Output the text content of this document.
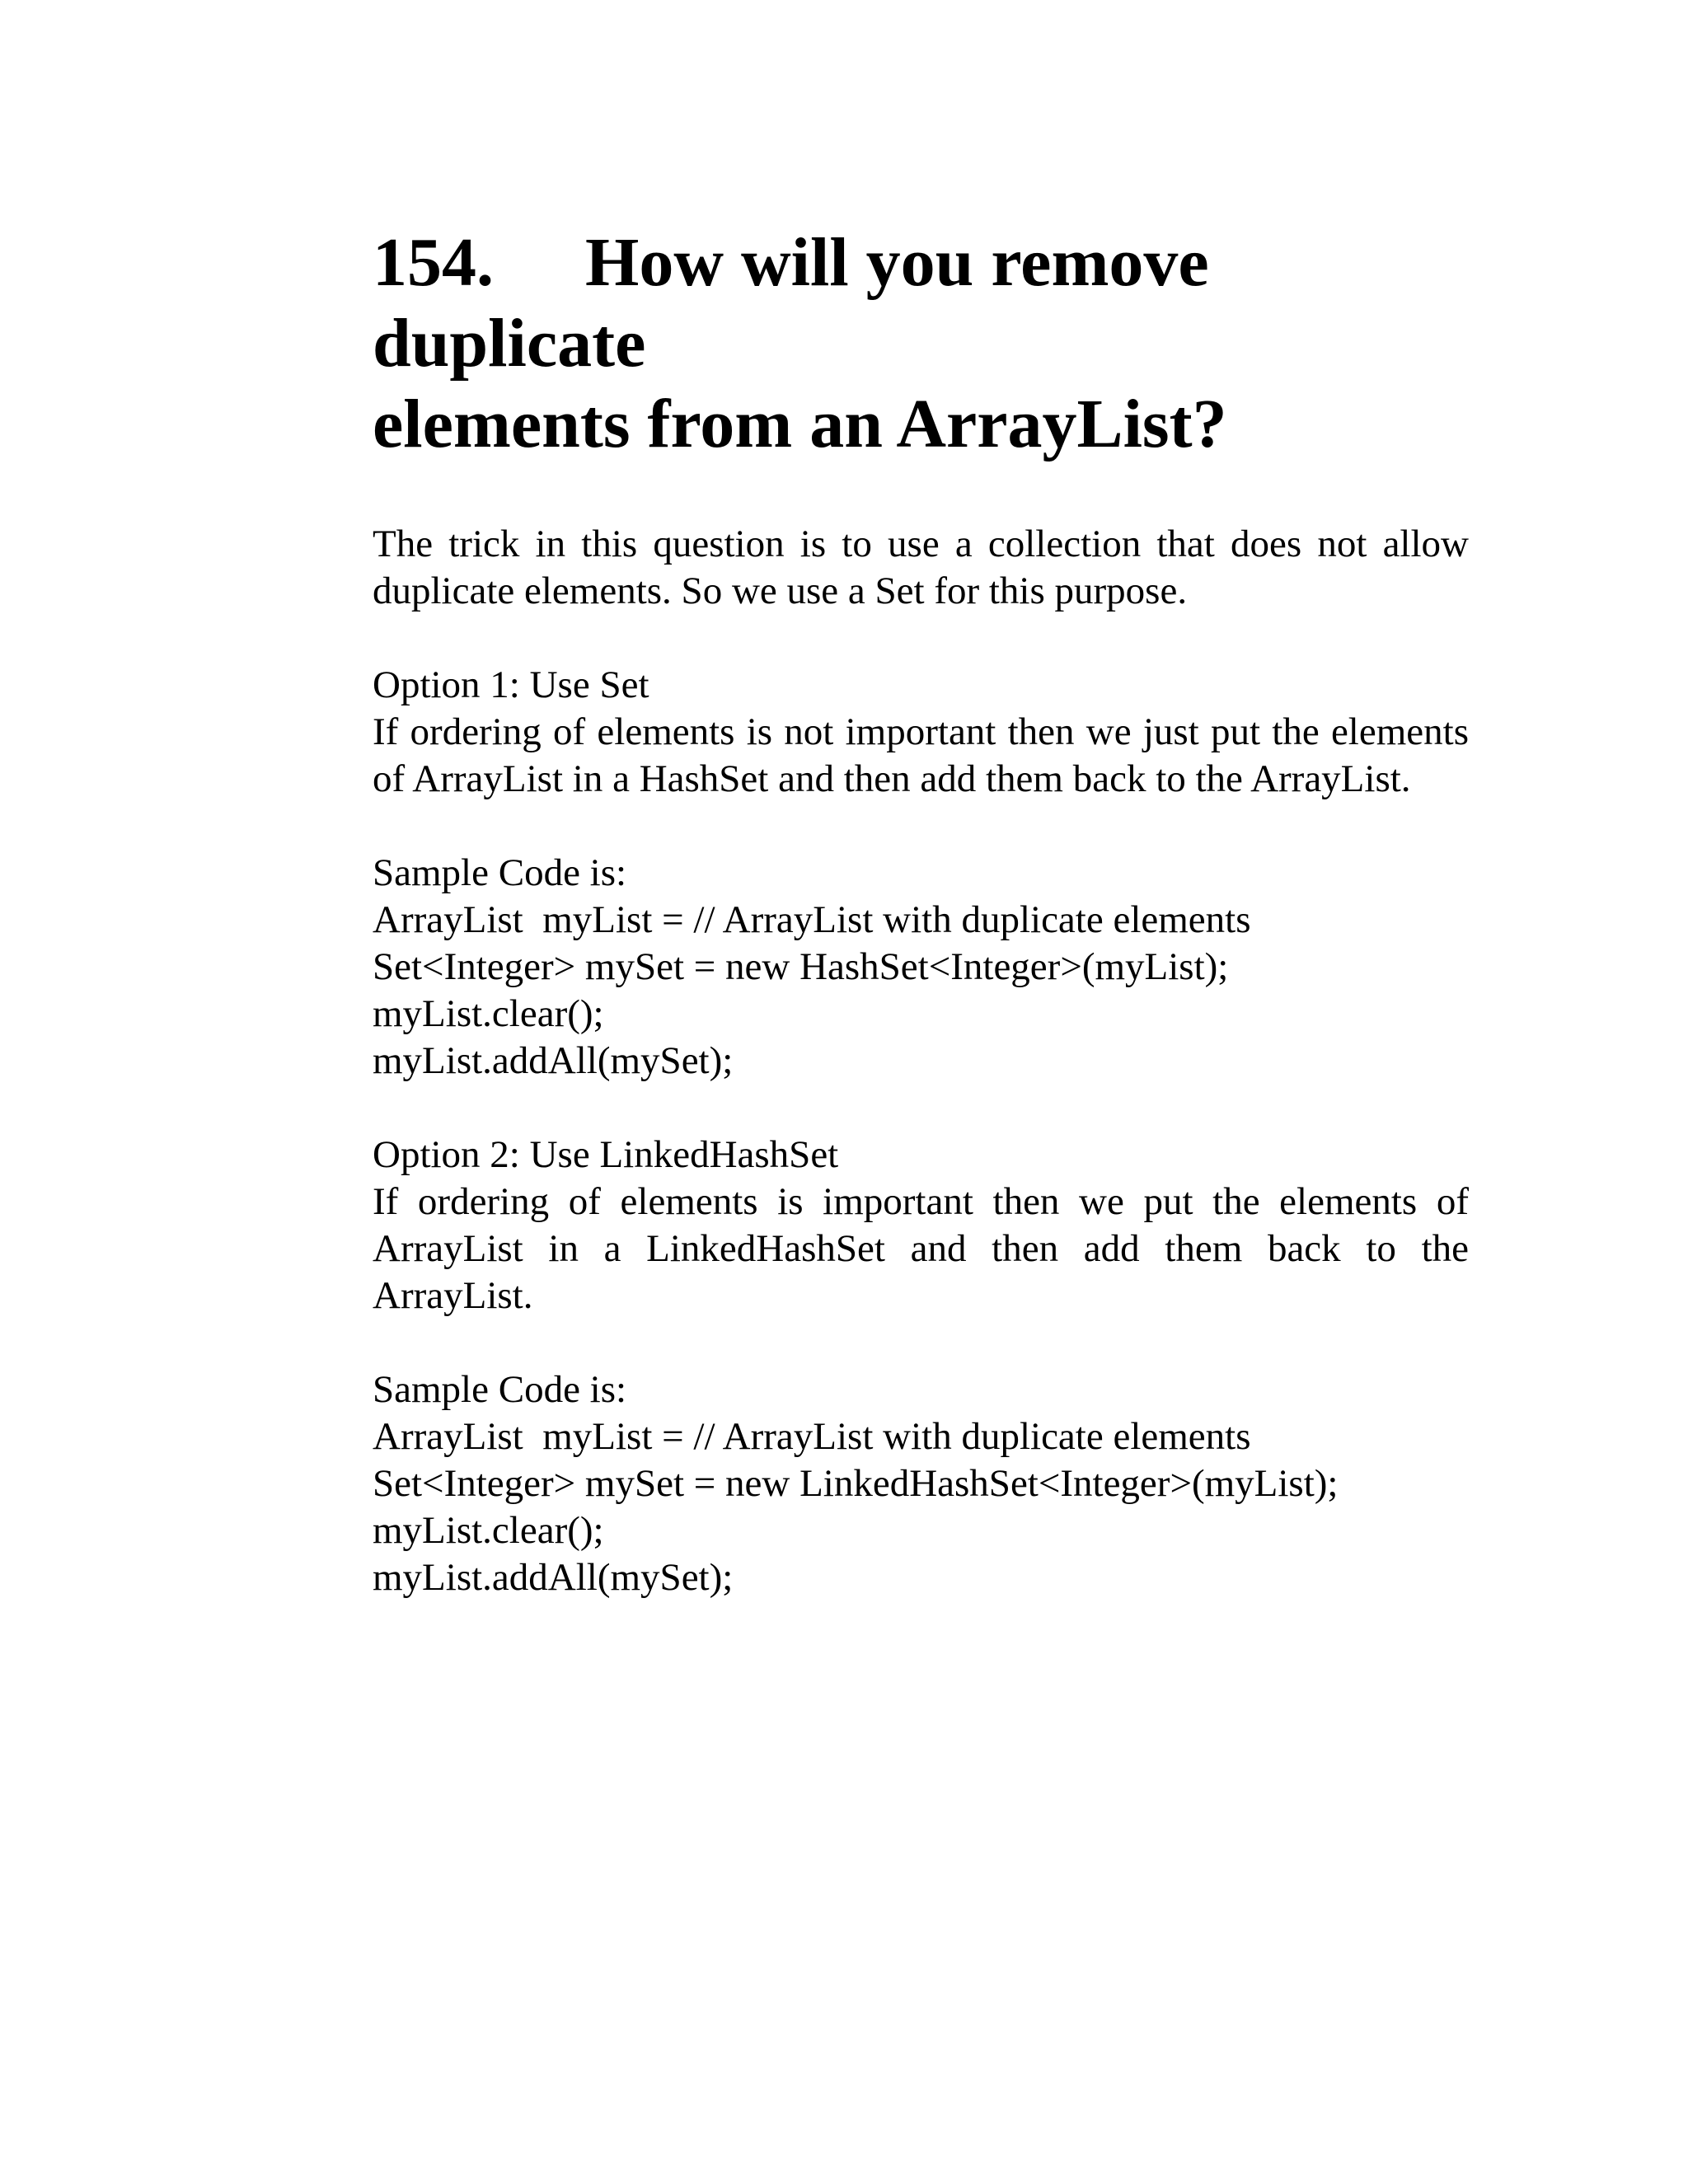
154. How will you remove duplicate
elements from an ArrayList?
The trick in this question is to use a collection that does not allow
duplicate elements. So we use a Set for this purpose.
Option 1: Use Set
If ordering of elements is not important then we just put the elements
of ArrayList in a HashSet and then add them back to the ArrayList.
Sample Code is:
ArrayList  myList = // ArrayList with duplicate elements
Set<Integer> mySet = new HashSet<Integer>(myList);
myList.clear();
myList.addAll(mySet);
Option 2: Use LinkedHashSet
If ordering of elements is important then we put the elements of
ArrayList in a LinkedHashSet and then add them back to the
ArrayList.
Sample Code is:
ArrayList  myList = // ArrayList with duplicate elements
Set<Integer> mySet = new LinkedHashSet<Integer>(myList);
myList.clear();
myList.addAll(mySet);
